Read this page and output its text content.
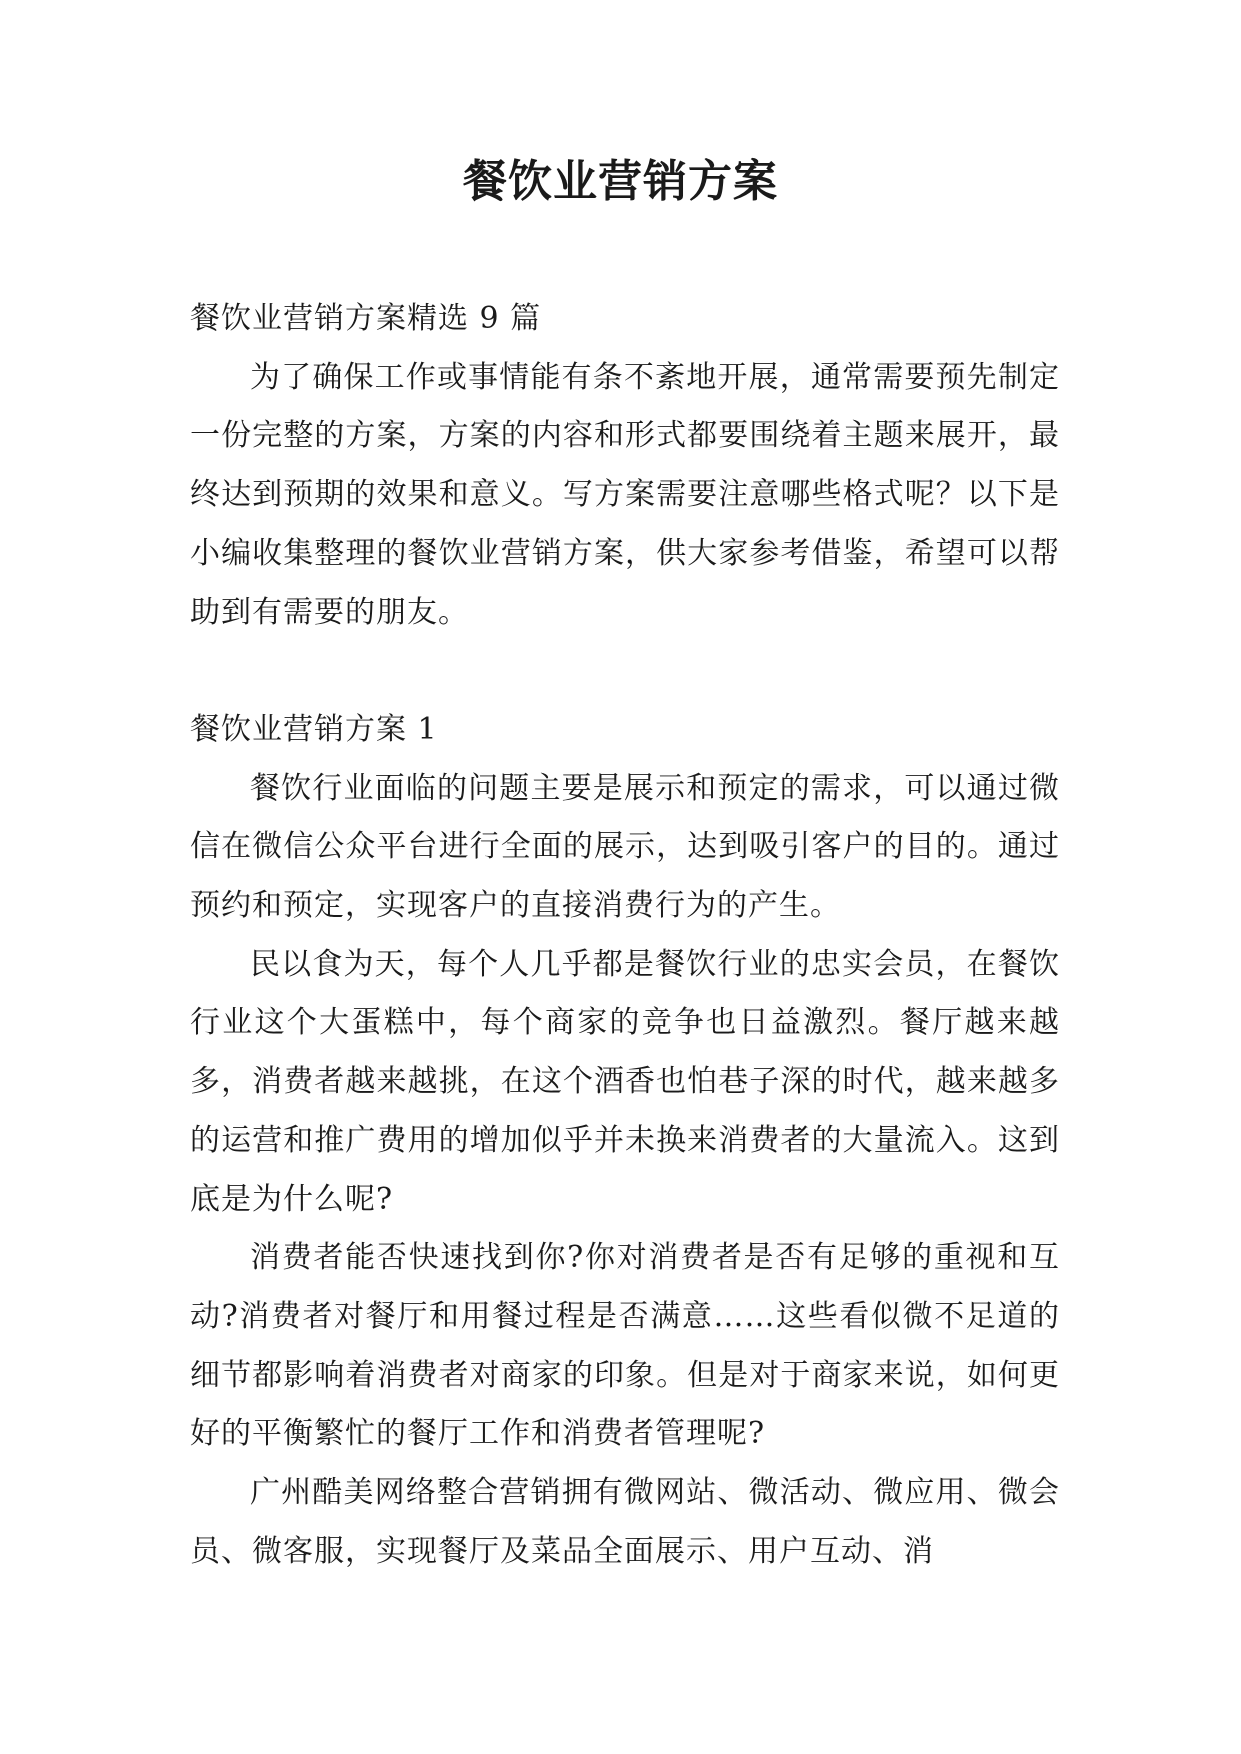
餐饮业营销方案

餐饮业营销方案精选 9 篇

为了确保工作或事情能有条不紊地开展，通常需要预先制定一份完整的方案，方案的内容和形式都要围绕着主题来展开，最终达到预期的效果和意义。写方案需要注意哪些格式呢？以下是小编收集整理的餐饮业营销方案，供大家参考借鉴，希望可以帮助到有需要的朋友。

餐饮业营销方案 1

餐饮行业面临的问题主要是展示和预定的需求，可以通过微信在微信公众平台进行全面的展示，达到吸引客户的目的。通过预约和预定，实现客户的直接消费行为的产生。

民以食为天，每个人几乎都是餐饮行业的忠实会员，在餐饮行业这个大蛋糕中，每个商家的竞争也日益激烈。餐厅越来越多，消费者越来越挑，在这个酒香也怕巷子深的时代，越来越多的运营和推广费用的增加似乎并未换来消费者的大量流入。这到底是为什么呢?

消费者能否快速找到你?你对消费者是否有足够的重视和互动?消费者对餐厅和用餐过程是否满意……这些看似微不足道的细节都影响着消费者对商家的印象。但是对于商家来说，如何更好的平衡繁忙的餐厅工作和消费者管理呢?

广州酷美网络整合营销拥有微网站、微活动、微应用、微会员、微客服，实现餐厅及菜品全面展示、用户互动、消
